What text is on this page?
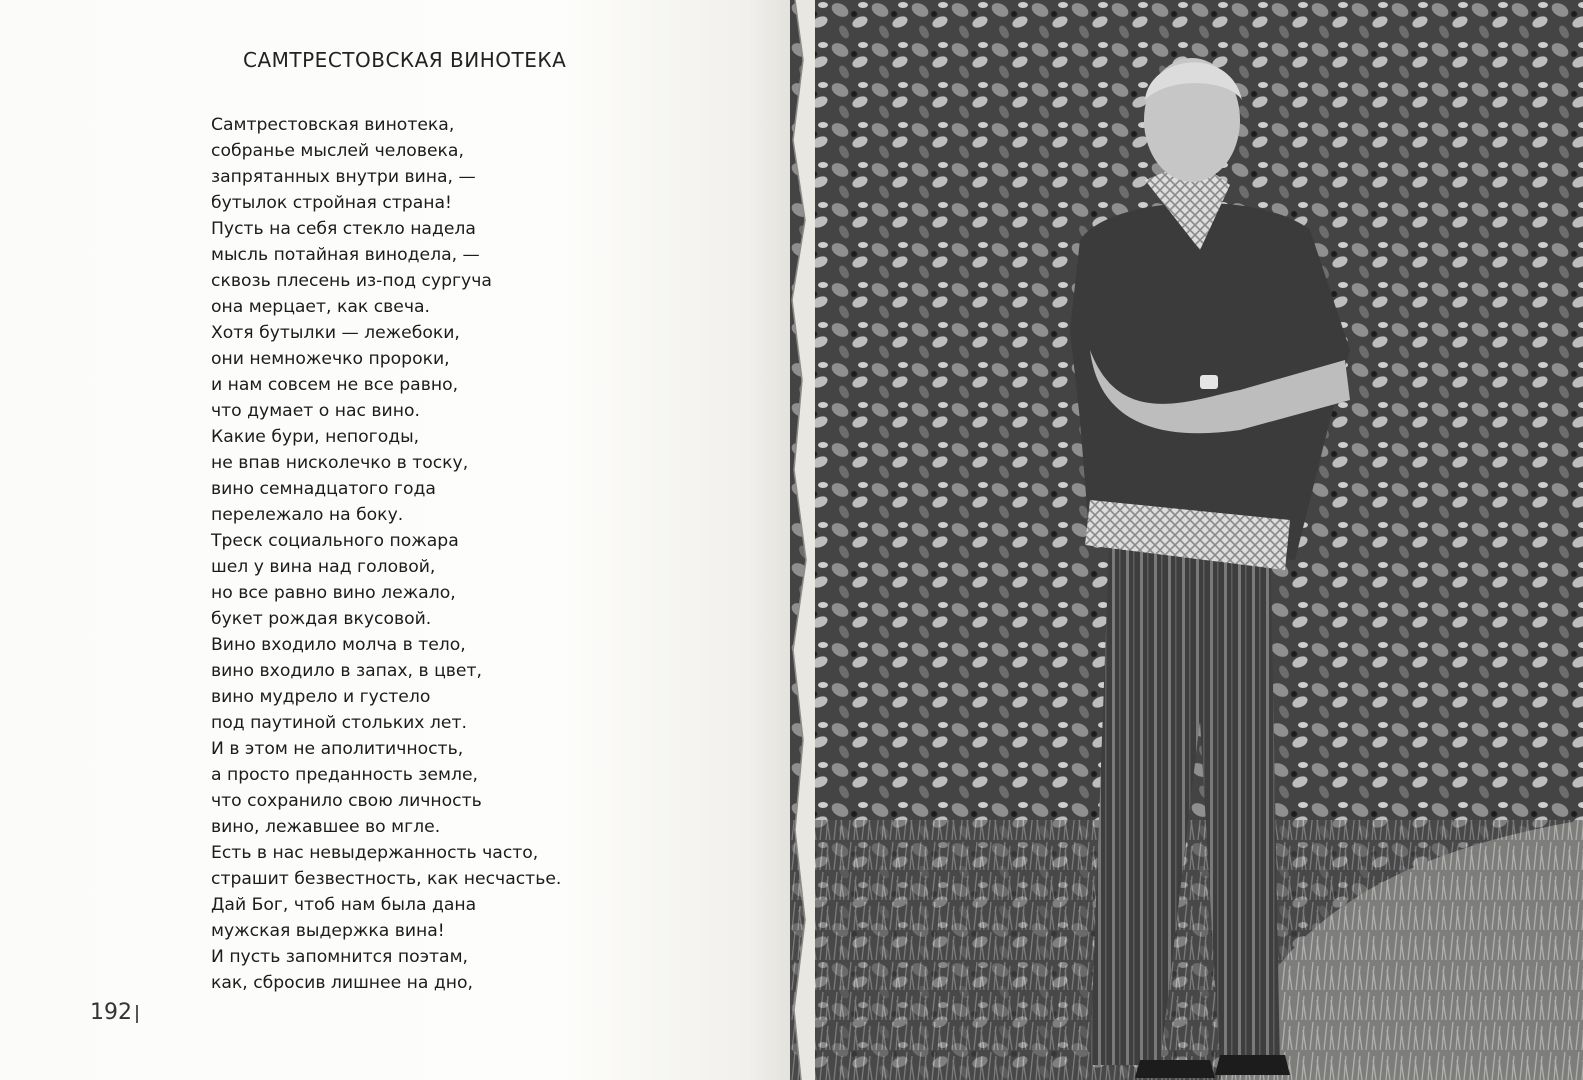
САМТРЕСТОВСКАЯ ВИНОТЕКА
Самтрестовская винотека,
собранье мыслей человека,
запрятанных внутри вина, —
бутылок стройная страна!
Пусть на себя стекло надела
мысль потайная винодела, —
сквозь плесень из-под сургуча
она мерцает, как свеча.
Хотя бутылки — лежебоки,
они немножечко пророки,
и нам совсем не все равно,
что думает о нас вино.
Какие бури, непогоды,
не впав нисколечко в тоску,
вино семнадцатого года
перележало на боку.
Треск социального пожара
шел у вина над головой,
но все равно вино лежало,
букет рождая вкусовой.
Вино входило молча в тело,
вино входило в запах, в цвет,
вино мудрело и густело
под паутиной стольких лет.
И в этом не аполитичность,
а просто преданность земле,
что сохранило свою личность
вино, лежавшее во мгле.
Есть в нас невыдержанность часто,
страшит безвестность, как несчастье.
Дай Бог, чтоб нам была дана
мужская выдержка вина!
И пусть запомнится поэтам,
как, сбросив лишнее на дно,
192
